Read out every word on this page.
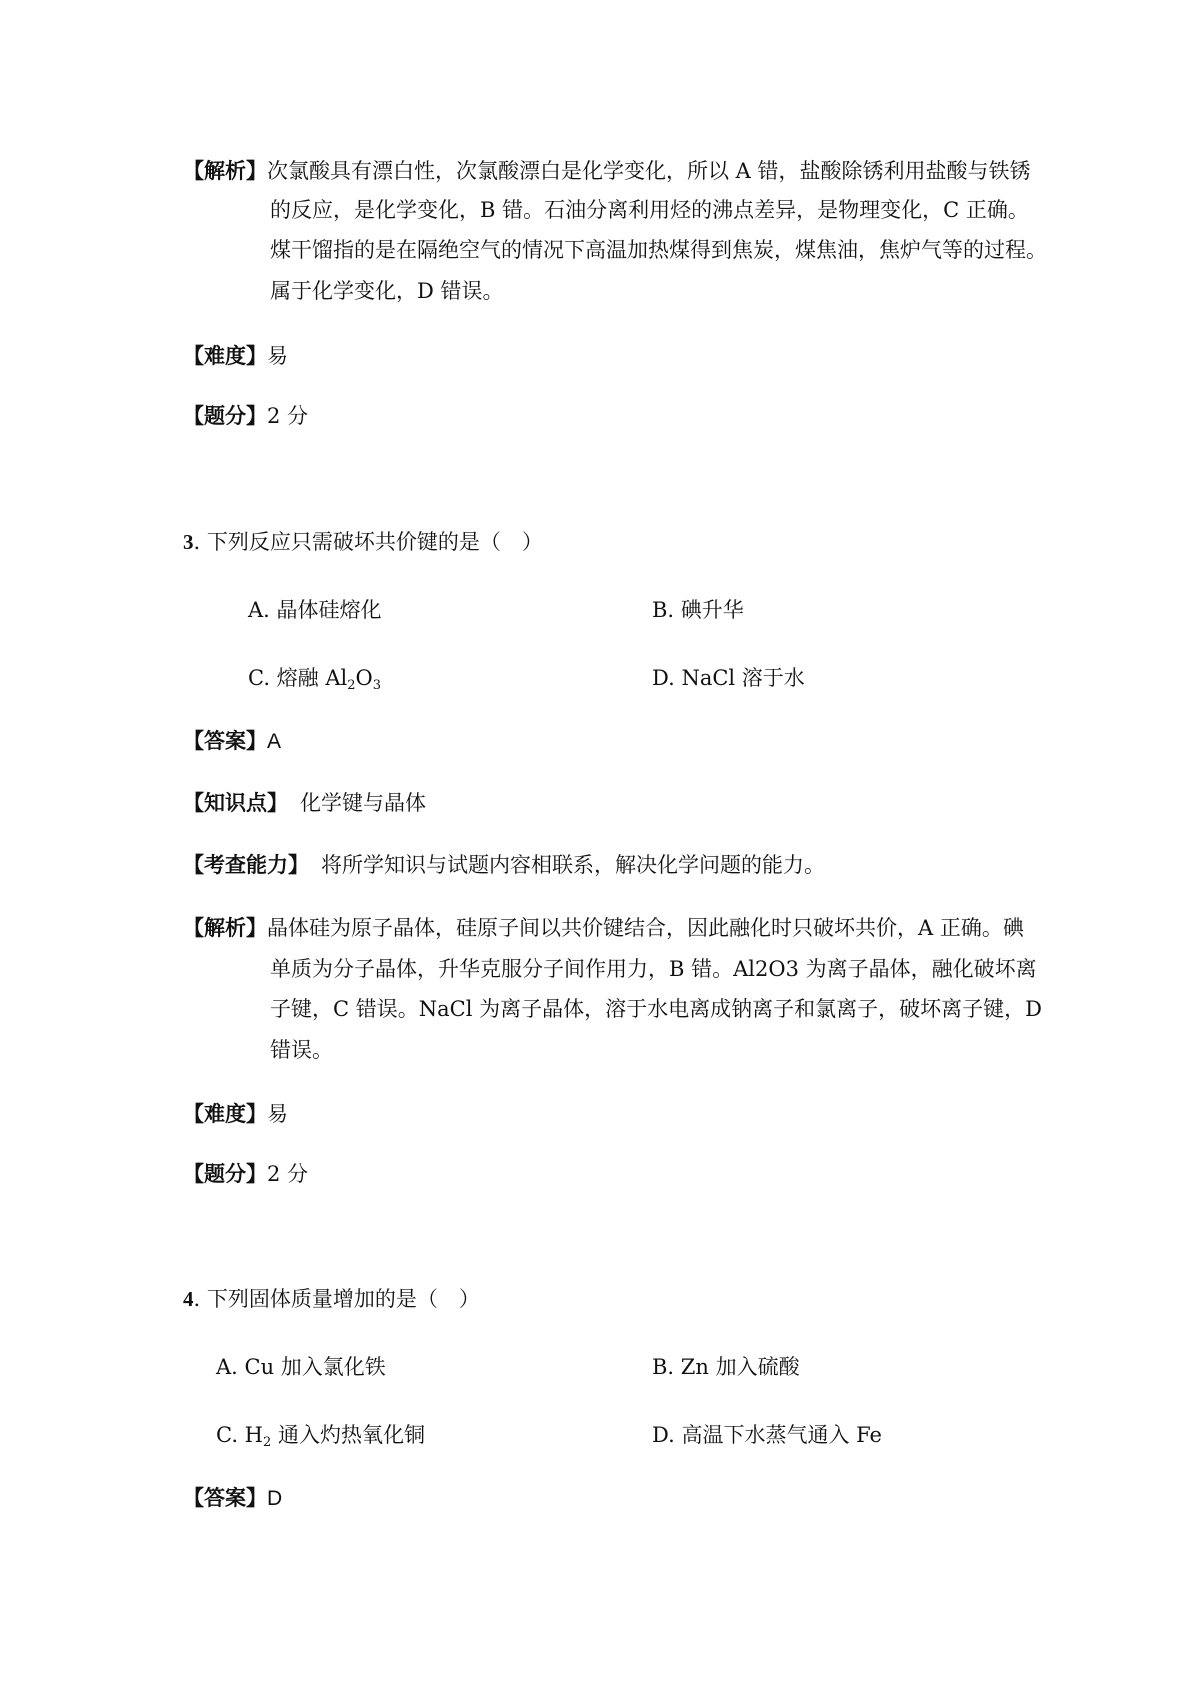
【解析】次氯酸具有漂白性，次氯酸漂白是化学变化，所以 A 错，盐酸除锈利用盐酸与铁锈
的反应，是化学变化，B 错。石油分离利用烃的沸点差异，是物理变化，C 正确。
煤干馏指的是在隔绝空气的情况下高温加热煤得到焦炭，煤焦油，焦炉气等的过程。
属于化学变化，D 错误。
【难度】易
【题分】2 分
3. 下列反应只需破坏共价键的是（　）
A. 晶体硅熔化	B. 碘升华
C. 熔融 $Al_2O_3$	D. NaCl 溶于水
【答案】A
【知识点】 化学键与晶体
【考查能力】 将所学知识与试题内容相联系，解决化学问题的能力。
【解析】晶体硅为原子晶体，硅原子间以共价键结合，因此融化时只破坏共价，A 正确。碘
单质为分子晶体，升华克服分子间作用力，B 错。Al2O3 为离子晶体，融化破坏离
子键，C 错误。NaCl 为离子晶体，溶于水电离成钠离子和氯离子，破坏离子键，D
错误。
【难度】易
【题分】2 分
4. 下列固体质量增加的是（　）
A. Cu 加入氯化铁	B. Zn 加入硫酸
C. $H_2$ 通入灼热氧化铜	D. 高温下水蒸气通入 Fe
【答案】D
